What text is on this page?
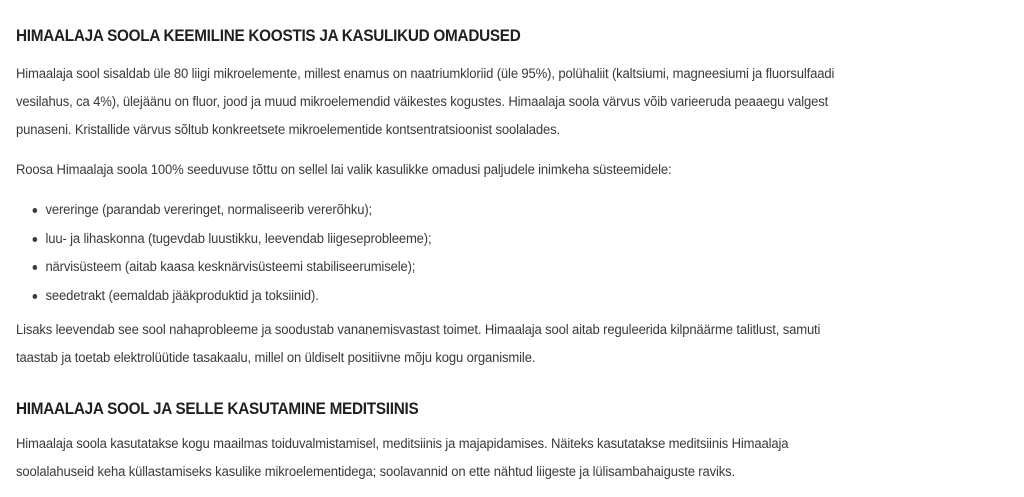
HIMAALAJA SOOLA KEEMILINE KOOSTIS JA KASULIKUD OMADUSED

Himaalaja sool sisaldab üle 80 liigi mikroelemente, millest enamus on naatriumkloriid (üle 95%), polühaliit (kaltsiumi, magneesiumi ja fluorsulfaadi
vesilahus, ca 4%), ülejäänu on fluor, jood ja muud mikroelemendid väikestes kogustes. Himaalaja soola värvus võib varieeruda peaaegu valgest
punaseni. Kristallide värvus sõltub konkreetsete mikroelementide kontsentratsioonist soolalades.

Roosa Himaalaja soola 100% seeduvuse tõttu on sellel lai valik kasulikke omadusi paljudele inimkeha süsteemidele:

vereringe (parandab vereringet, normaliseerib vererõhku);
luu- ja lihaskonna (tugevdab luustikku, leevendab liigeseprobleeme);
närvisüsteem (aitab kaasa kesknärvisüsteemi stabiliseerumisele);
seedetrakt (eemaldab jääkproduktid ja toksiinid).

Lisaks leevendab see sool nahaprobleeme ja soodustab vananemisvastast toimet. Himaalaja sool aitab reguleerida kilpnäärme talitlust, samuti
taastab ja toetab elektrolüütide tasakaalu, millel on üldiselt positiivne mõju kogu organismile.

HIMAALAJA SOOL JA SELLE KASUTAMINE MEDITSIINIS

Himaalaja soola kasutatakse kogu maailmas toiduvalmistamisel, meditsiinis ja majapidamises. Näiteks kasutatakse meditsiinis Himaalaja
soolalahuseid keha küllastamiseks kasulike mikroelementidega; soolavannid on ette nähtud liigeste ja lülisambahaiguste raviks.
